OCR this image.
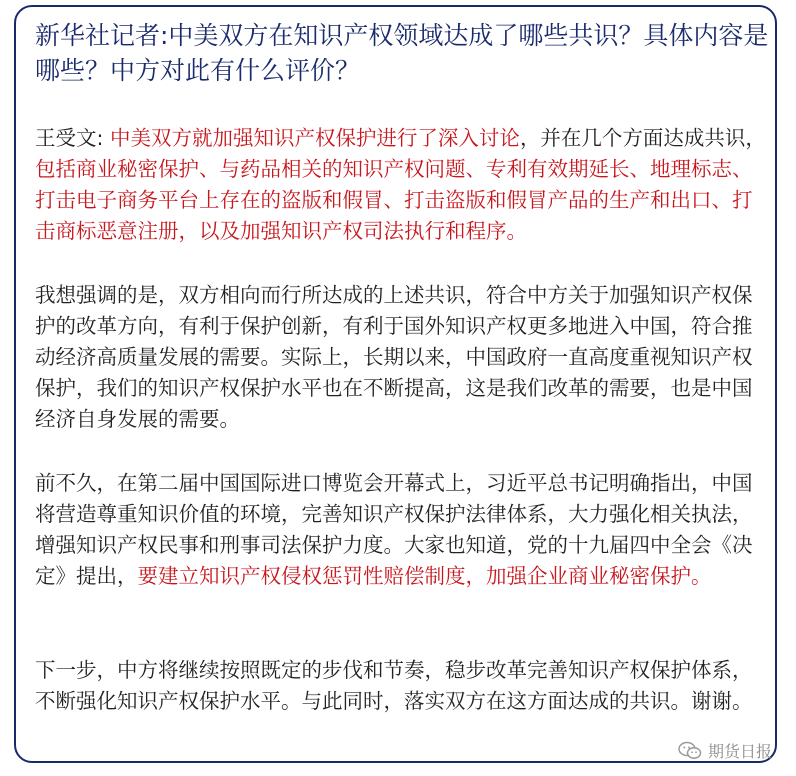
新华社记者:中美双方在知识产权领域达成了哪些共识？具体内容是哪些？中方对此有什么评价？

王受文: 中美双方就加强知识产权保护进行了深入讨论，并在几个方面达成共识，包括商业秘密保护、与药品相关的知识产权问题、专利有效期延长、地理标志、打击电子商务平台上存在的盗版和假冒、打击盗版和假冒产品的生产和出口、打击商标恶意注册，以及加强知识产权司法执行和程序。

我想强调的是，双方相向而行所达成的上述共识，符合中方关于加强知识产权保护的改革方向，有利于保护创新，有利于国外知识产权更多地进入中国，符合推动经济高质量发展的需要。实际上，长期以来，中国政府一直高度重视知识产权保护，我们的知识产权保护水平也在不断提高，这是我们改革的需要，也是中国经济自身发展的需要。

前不久，在第二届中国国际进口博览会开幕式上，习近平总书记明确指出，中国将营造尊重知识价值的环境，完善知识产权保护法律体系，大力强化相关执法，增强知识产权民事和刑事司法保护力度。大家也知道，党的十九届四中全会《决定》提出，要建立知识产权侵权惩罚性赔偿制度，加强企业商业秘密保护。

下一步，中方将继续按照既定的步伐和节奏，稳步改革完善知识产权保护体系，不断强化知识产权保护水平。与此同时，落实双方在这方面达成的共识。谢谢。

期货日报
